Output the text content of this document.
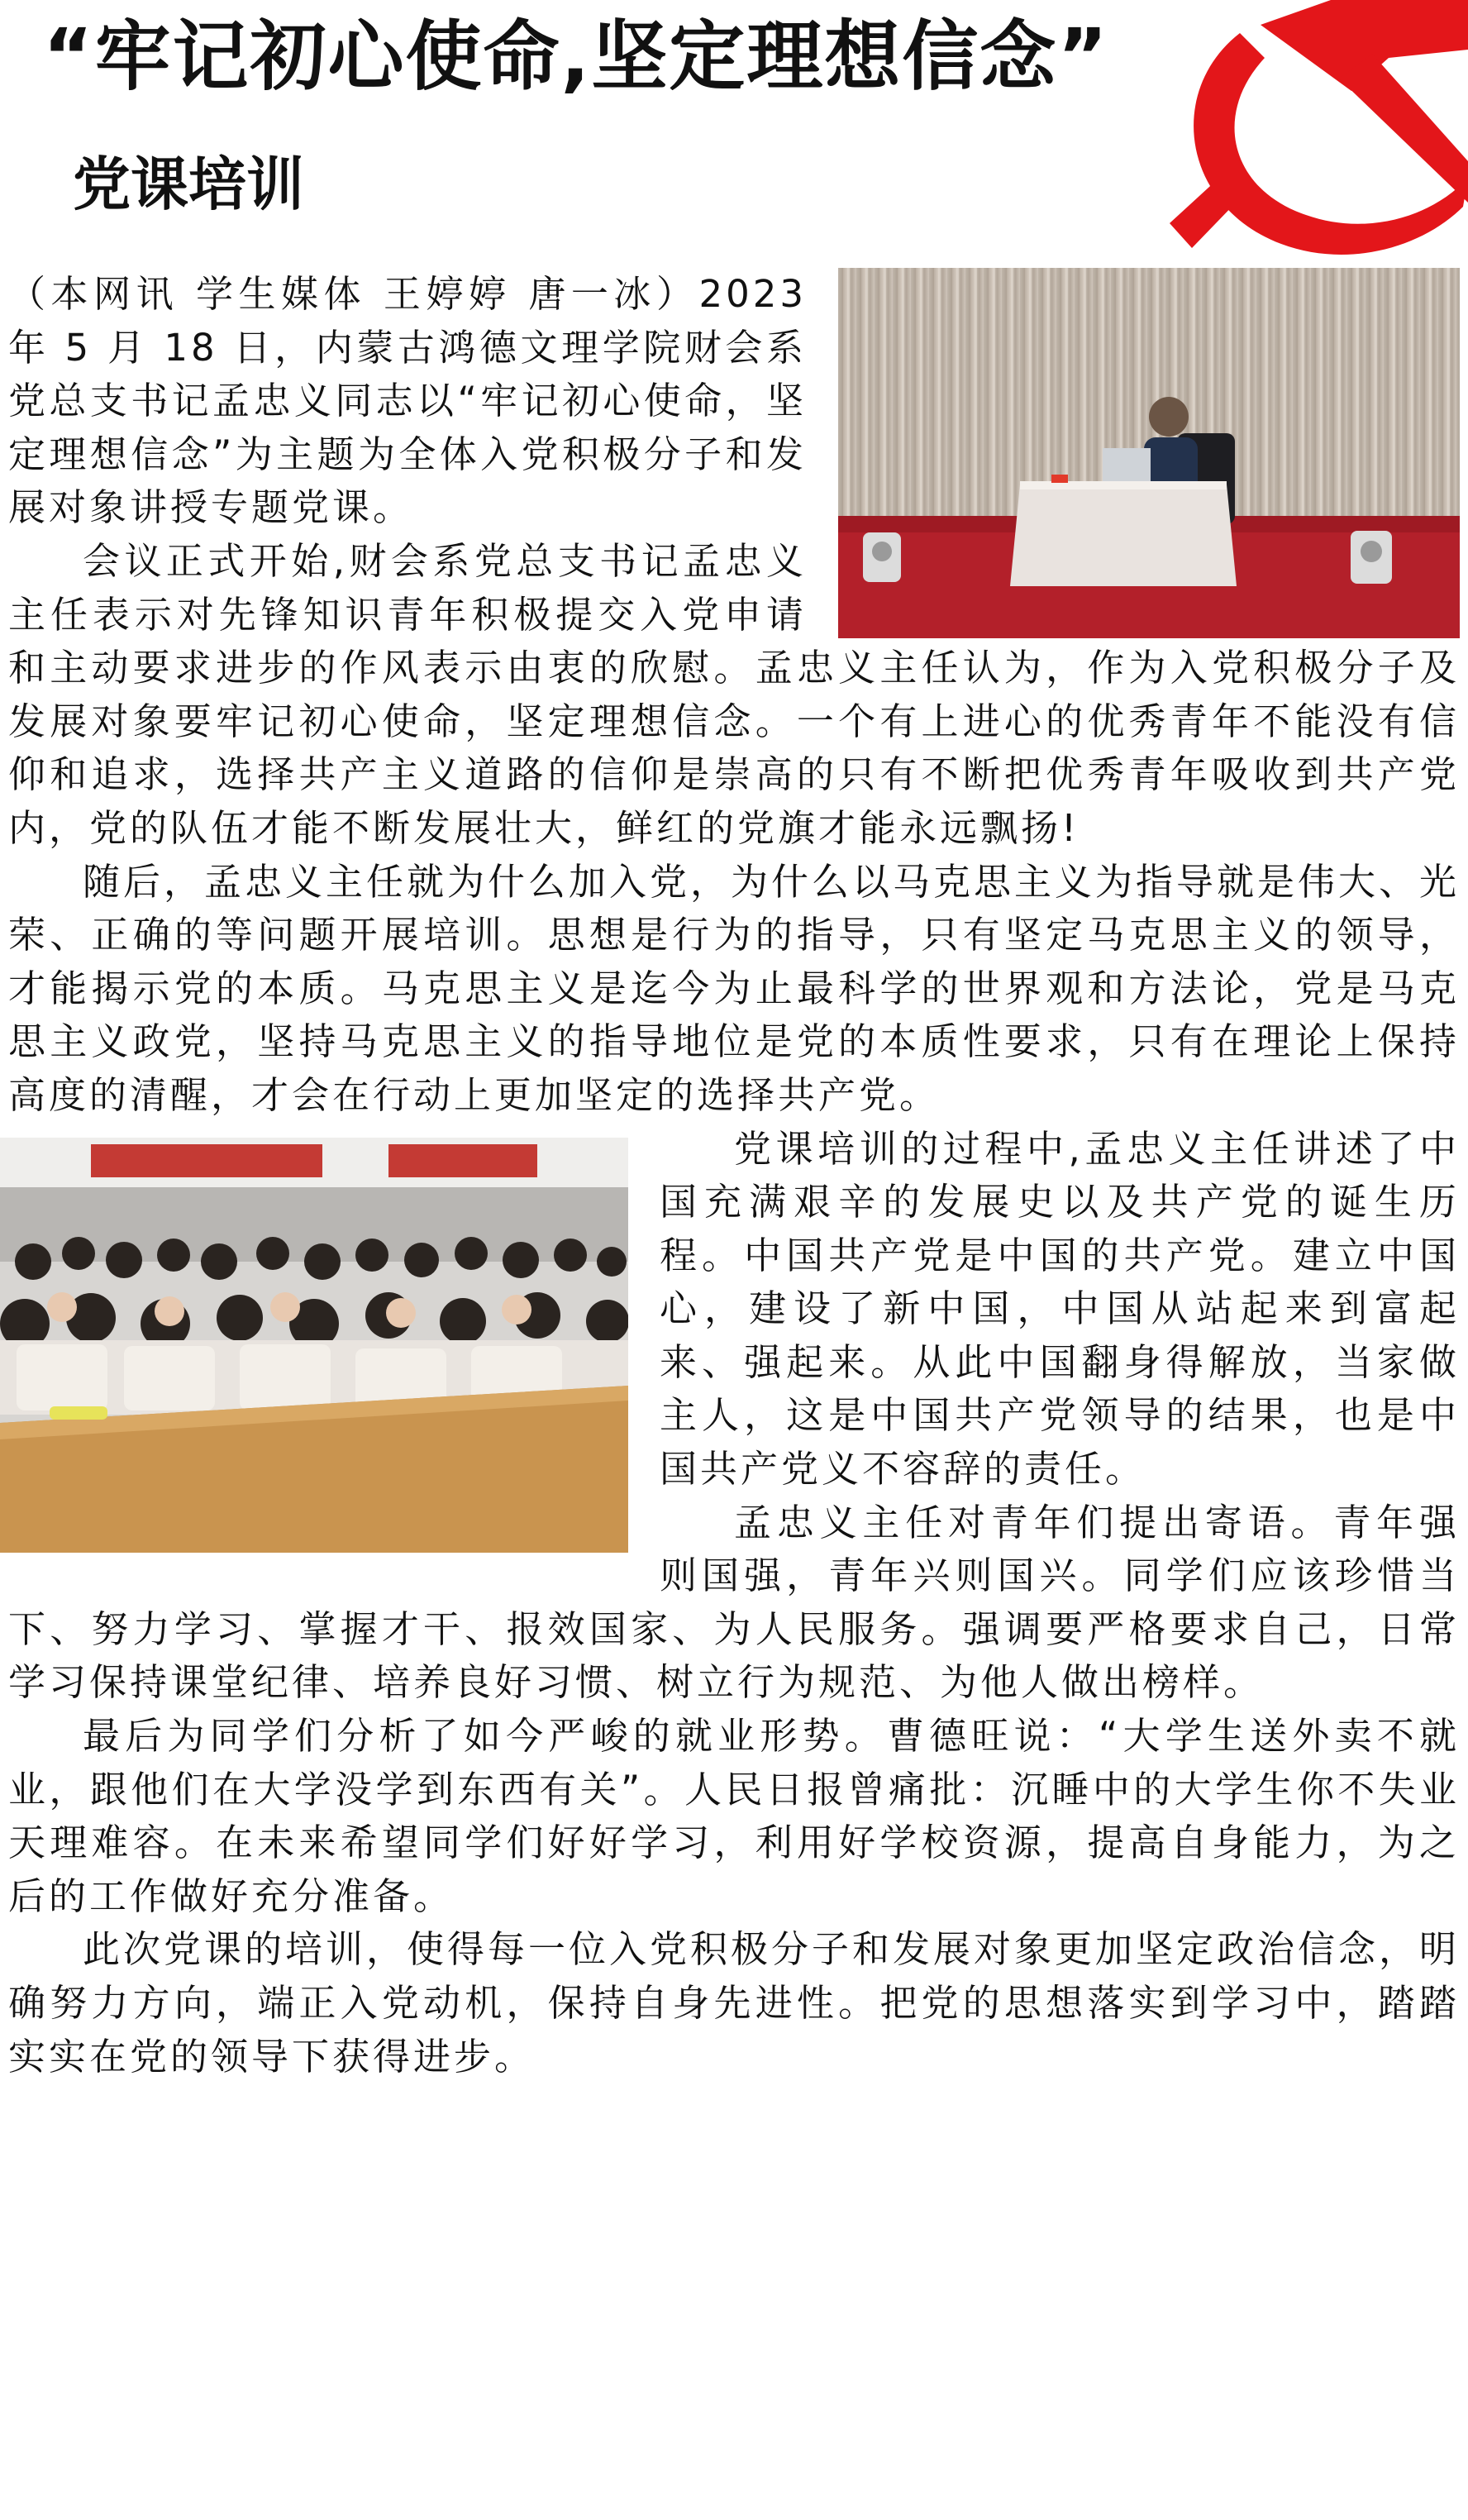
“牢记初心使命,坚定理想信念”
党课培训

（本网讯 学生媒体 王婷婷 唐一冰）2023 年 5 月 18 日，内蒙古鸿德文理学院财会系党总支书记孟忠义同志以“牢记初心使命，坚定理想信念”为主题为全体入党积极分子和发展对象讲授专题党课。

会议正式开始,财会系党总支书记孟忠义主任表示对先锋知识青年积极提交入党申请和主动要求进步的作风表示由衷的欣慰。孟忠义主任认为，作为入党积极分子及发展对象要牢记初心使命，坚定理想信念。一个有上进心的优秀青年不能没有信仰和追求，选择共产主义道路的信仰是崇高的只有不断把优秀青年吸收到共产党内，党的队伍才能不断发展壮大，鲜红的党旗才能永远飘扬!

随后，孟忠义主任就为什么加入党，为什么以马克思主义为指导就是伟大、光荣、正确的等问题开展培训。思想是行为的指导，只有坚定马克思主义的领导，才能揭示党的本质。马克思主义是迄今为止最科学的世界观和方法论，党是马克思主义政党，坚持马克思主义的指导地位是党的本质性要求，只有在理论上保持高度的清醒，才会在行动上更加坚定的选择共产党。

党课培训的过程中,孟忠义主任讲述了中国充满艰辛的发展史以及共产党的诞生历程。中国共产党是中国的共产党。建立中国心，建设了新中国，中国从站起来到富起来、强起来。从此中国翻身得解放，当家做主人，这是中国共产党领导的结果，也是中国共产党义不容辞的责任。

孟忠义主任对青年们提出寄语。青年强则国强，青年兴则国兴。同学们应该珍惜当下、努力学习、掌握才干、报效国家、为人民服务。强调要严格要求自己，日常学习保持课堂纪律、培养良好习惯、树立行为规范、为他人做出榜样。

最后为同学们分析了如今严峻的就业形势。曹德旺说：“大学生送外卖不就业，跟他们在大学没学到东西有关”。人民日报曾痛批：沉睡中的大学生你不失业天理难容。在未来希望同学们好好学习，利用好学校资源，提高自身能力，为之后的工作做好充分准备。

此次党课的培训，使得每一位入党积极分子和发展对象更加坚定政治信念，明确努力方向，端正入党动机，保持自身先进性。把党的思想落实到学习中，踏踏实实在党的领导下获得进步。
